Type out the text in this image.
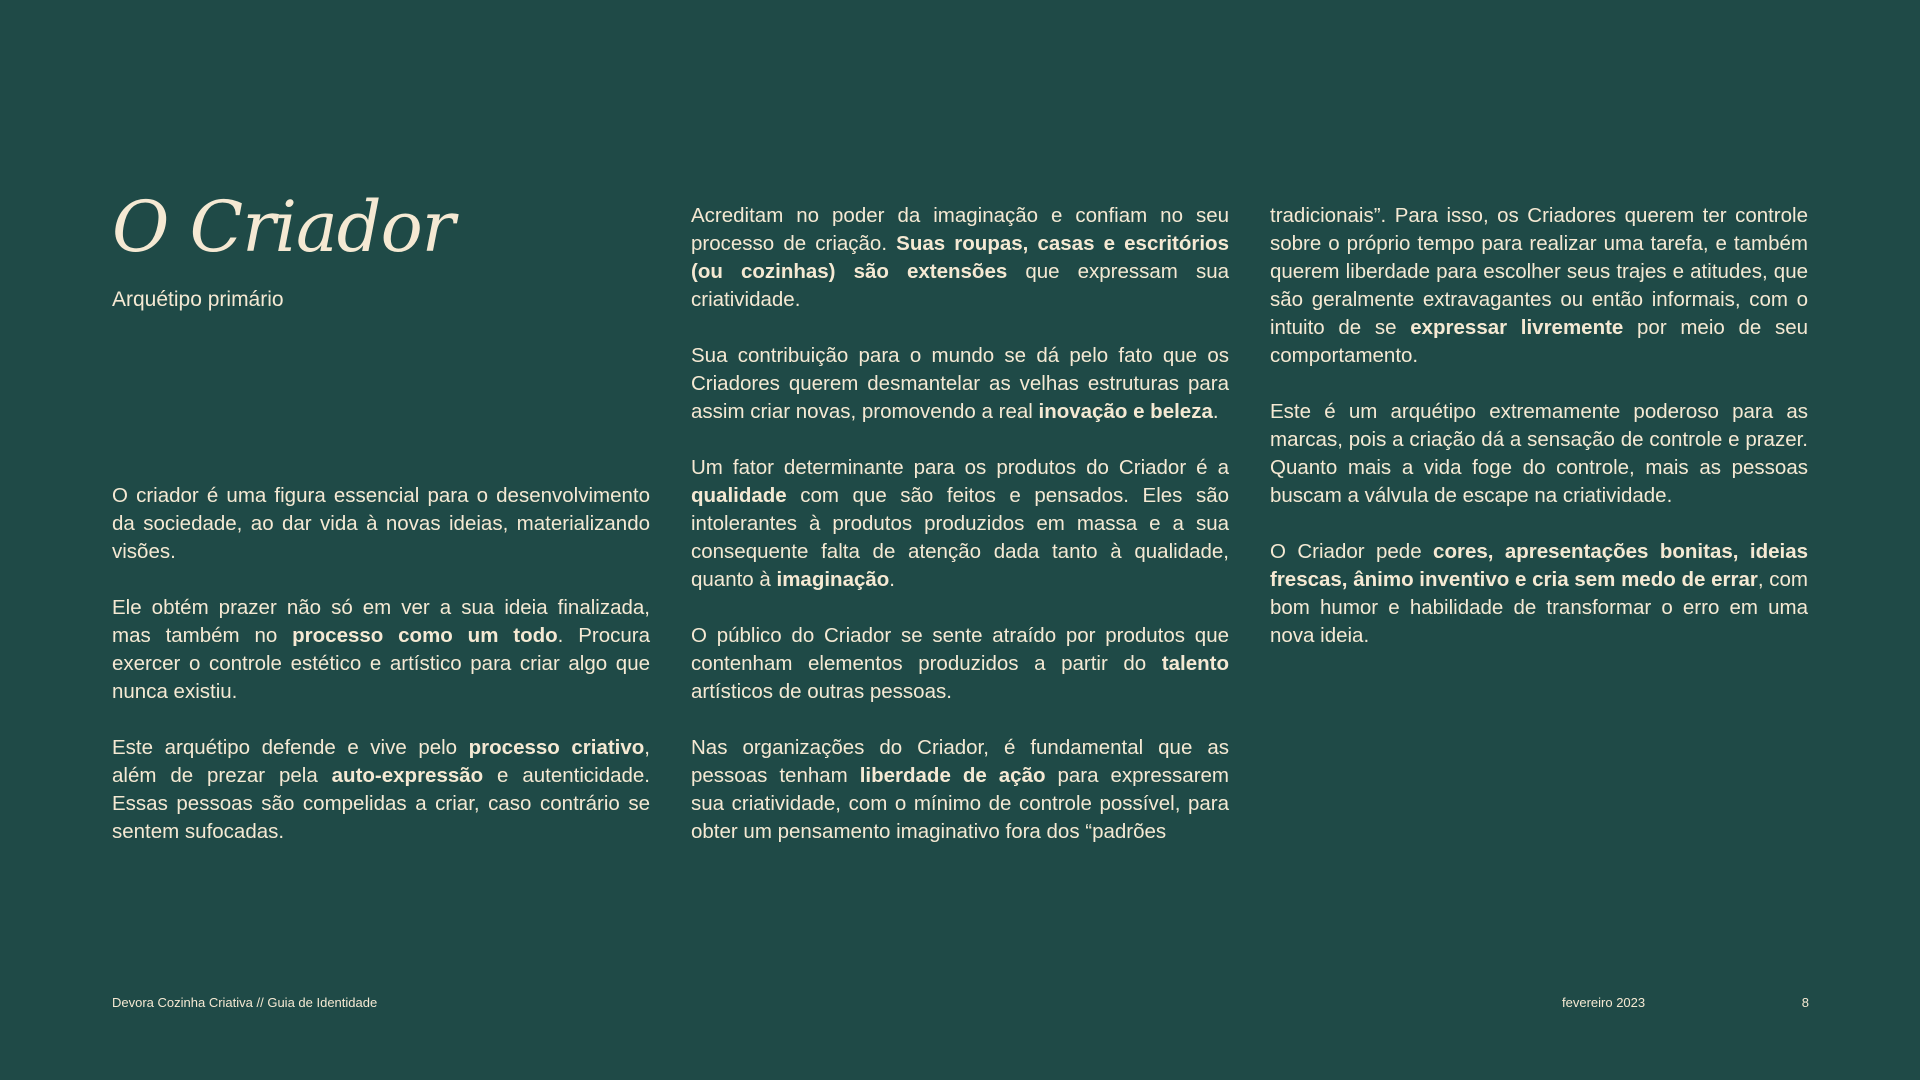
O Criador
Arquétipo primário

O criador é uma figura essencial para o desenvolvimento da sociedade, ao dar vida à novas ideias, materializando visões.

Ele obtém prazer não só em ver a sua ideia finalizada, mas também no processo como um todo. Procura exercer o controle estético e artístico para criar algo que nunca existiu.

Este arquétipo defende e vive pelo processo criativo, além de prezar pela auto-expressão e autenticidade. Essas pessoas são compelidas a criar, caso contrário se sentem sufocadas.

Acreditam no poder da imaginação e confiam no seu processo de criação. Suas roupas, casas e escritórios (ou cozinhas) são extensões que expressam sua criatividade.

Sua contribuição para o mundo se dá pelo fato que os Criadores querem desmantelar as velhas estruturas para assim criar novas, promovendo a real inovação e beleza.

Um fator determinante para os produtos do Criador é a qualidade com que são feitos e pensados. Eles são intolerantes à produtos produzidos em massa e a sua consequente falta de atenção dada tanto à qualidade, quanto à imaginação.

O público do Criador se sente atraído por produtos que contenham elementos produzidos a partir do talento artísticos de outras pessoas.

Nas organizações do Criador, é fundamental que as pessoas tenham liberdade de ação para expressarem sua criatividade, com o mínimo de controle possível, para obter um pensamento imaginativo fora dos “padrões

tradicionais”. Para isso, os Criadores querem ter controle sobre o próprio tempo para realizar uma tarefa, e também querem liberdade para escolher seus trajes e atitudes, que são geralmente extravagantes ou então informais, com o intuito de se expressar livremente por meio de seu comportamento.

Este é um arquétipo extremamente poderoso para as marcas, pois a criação dá a sensação de controle e prazer. Quanto mais a vida foge do controle, mais as pessoas buscam a válvula de escape na criatividade.

O Criador pede cores, apresentações bonitas, ideias frescas, ânimo inventivo e cria sem medo de errar, com bom humor e habilidade de transformar o erro em uma nova ideia.

Devora Cozinha Criativa // Guia de Identidade	fevereiro 2023	8
